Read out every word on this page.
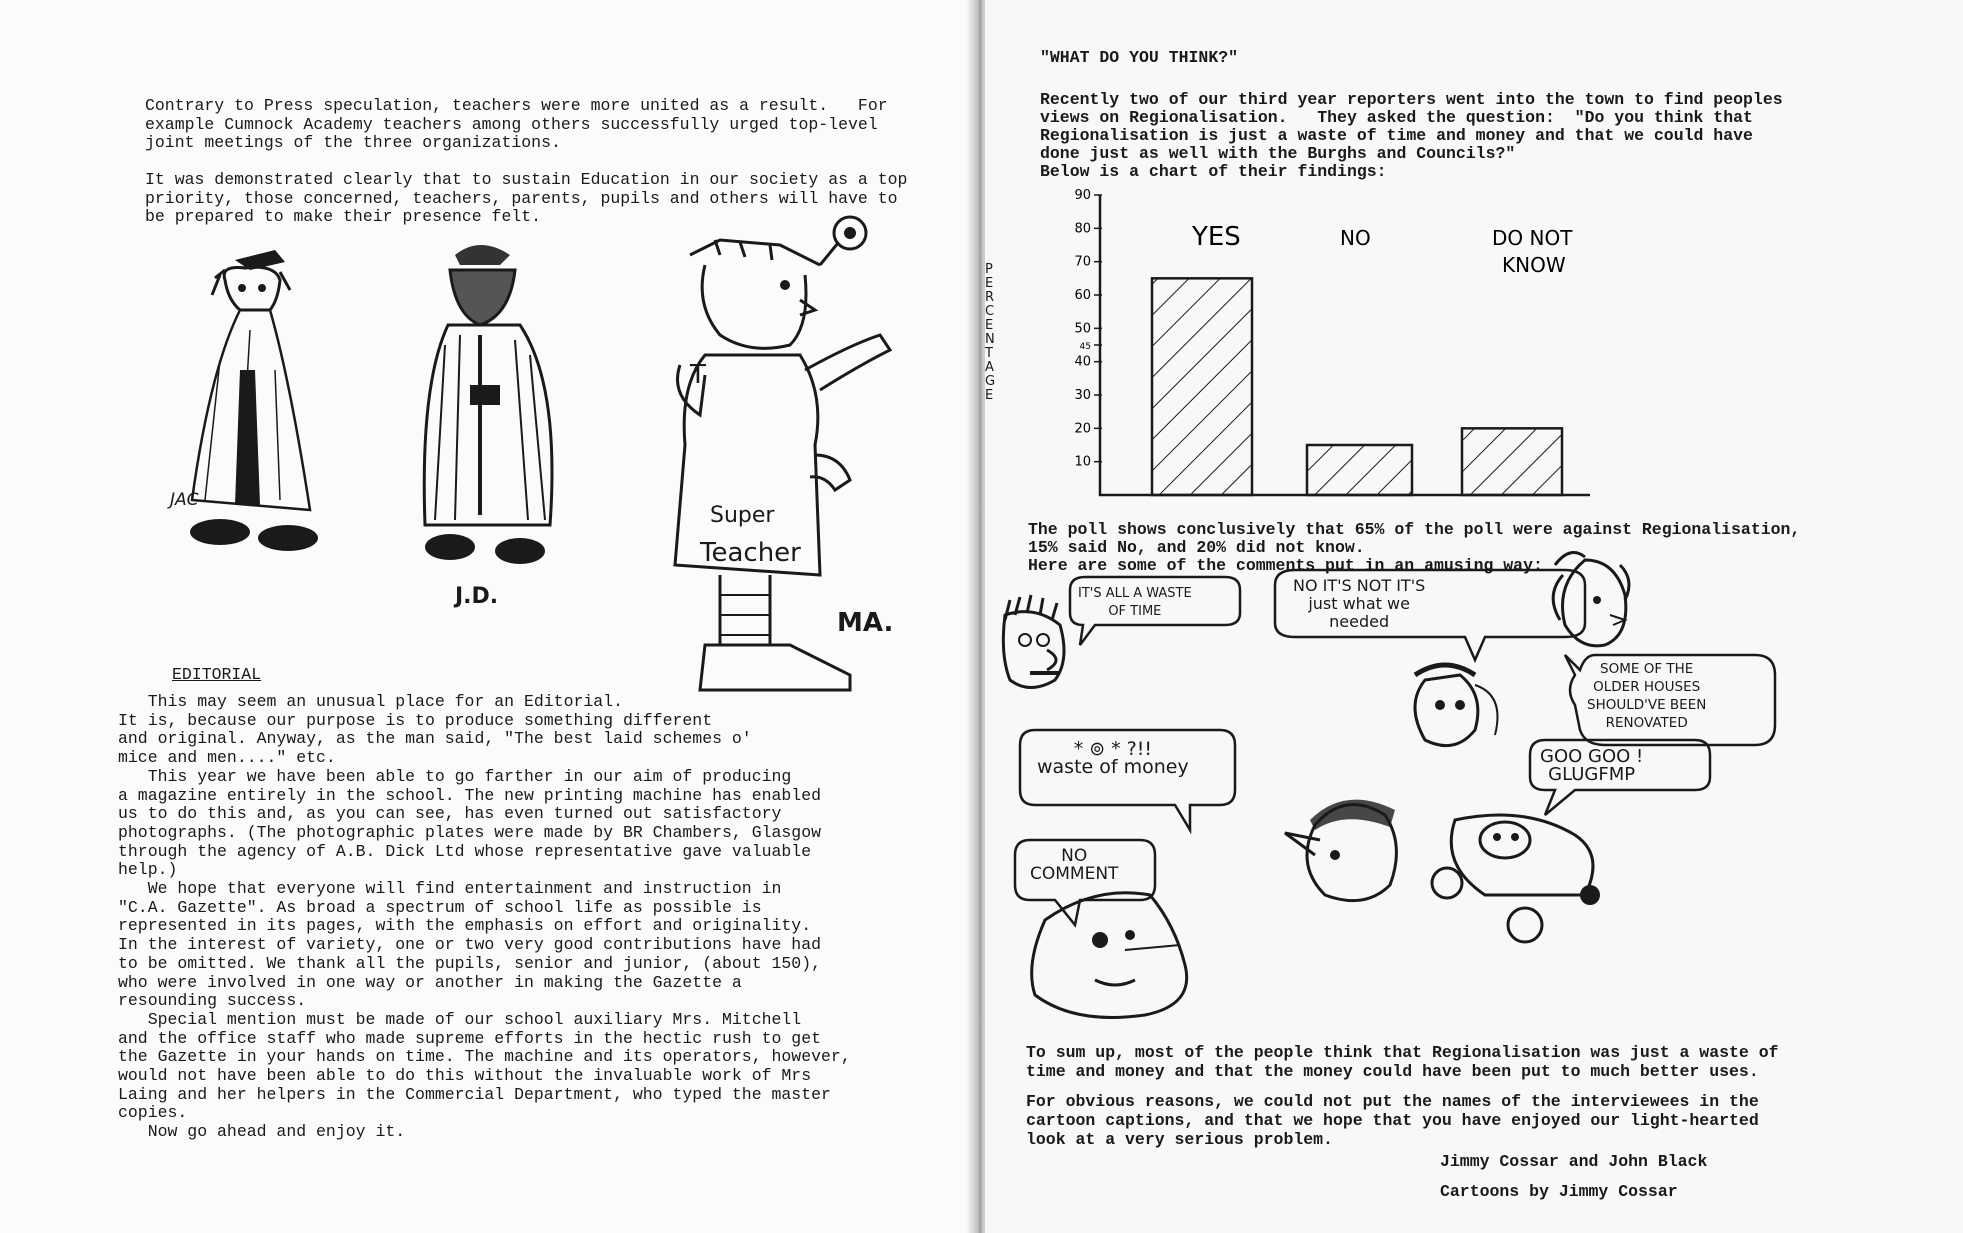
Contrary to Press speculation, teachers were more united as a result.   For
example Cumnock Academy teachers among others successfully urged top-level
joint meetings of the three organizations.
It was demonstrated clearly that to sustain Education in our society as a top
priority, those concerned, teachers, parents, pupils and others will have to
be prepared to make their presence felt.
JAC
J.D.
T
Super
Teacher
MA.
EDITORIAL
This may seem an unusual place for an Editorial.
It is, because our purpose is to produce something different
and original. Anyway, as the man said, "The best laid schemes o'
mice and men...." etc.
This year we have been able to go farther in our aim of producing
a magazine entirely in the school. The new printing machine has enabled
us to do this and, as you can see, has even turned out satisfactory
photographs. (The photographic plates were made by BR Chambers, Glasgow
through the agency of A.B. Dick Ltd whose representative gave valuable
help.)
We hope that everyone will find entertainment and instruction in
"C.A. Gazette". As broad a spectrum of school life as possible is
represented in its pages, with the emphasis on effort and originality.
In the interest of variety, one or two very good contributions have had
to be omitted. We thank all the pupils, senior and junior, (about 150),
who were involved in one way or another in making the Gazette a
resounding success.
Special mention must be made of our school auxiliary Mrs. Mitchell
and the office staff who made supreme efforts in the hectic rush to get
the Gazette in your hands on time. The machine and its operators, however,
would not have been able to do this without the invaluable work of Mrs
Laing and her helpers in the Commercial Department, who typed the master
copies.
Now go ahead and enjoy it.
"WHAT DO YOU THINK?"
Recently two of our third year reporters went into the town to find peoples
views on Regionalisation.   They asked the question:  "Do you think that
Regionalisation is just a waste of time and money and that we could have
done just as well with the Burghs and Councils?"
Below is a chart of their findings:
10
20
30
40
45
50
60
70
80
90
YES	NO	DO NOT KNOW
PERCENTAGE
The poll shows conclusively that 65% of the poll were against Regionalisation,
15% said No, and 20% did not know.
Here are some of the comments put in an amusing way:
IT'S ALL A WASTE
OF TIME
NO IT'S NOT IT'S
just what we
needed
SOME OF THE
OLDER HOUSES
SHOULD'VE BEEN
RENOVATED
* ⊚ * ?!!
waste of money	GOO GOO !
GLUGFMP
NO
COMMENT
To sum up, most of the people think that Regionalisation was just a waste of
time and money and that the money could have been put to much better uses.
For obvious reasons, we could not put the names of the interviewees in the
cartoon captions, and that we hope that you have enjoyed our light-hearted
look at a very serious problem.
Jimmy Cossar and John Black
Cartoons by Jimmy Cossar
